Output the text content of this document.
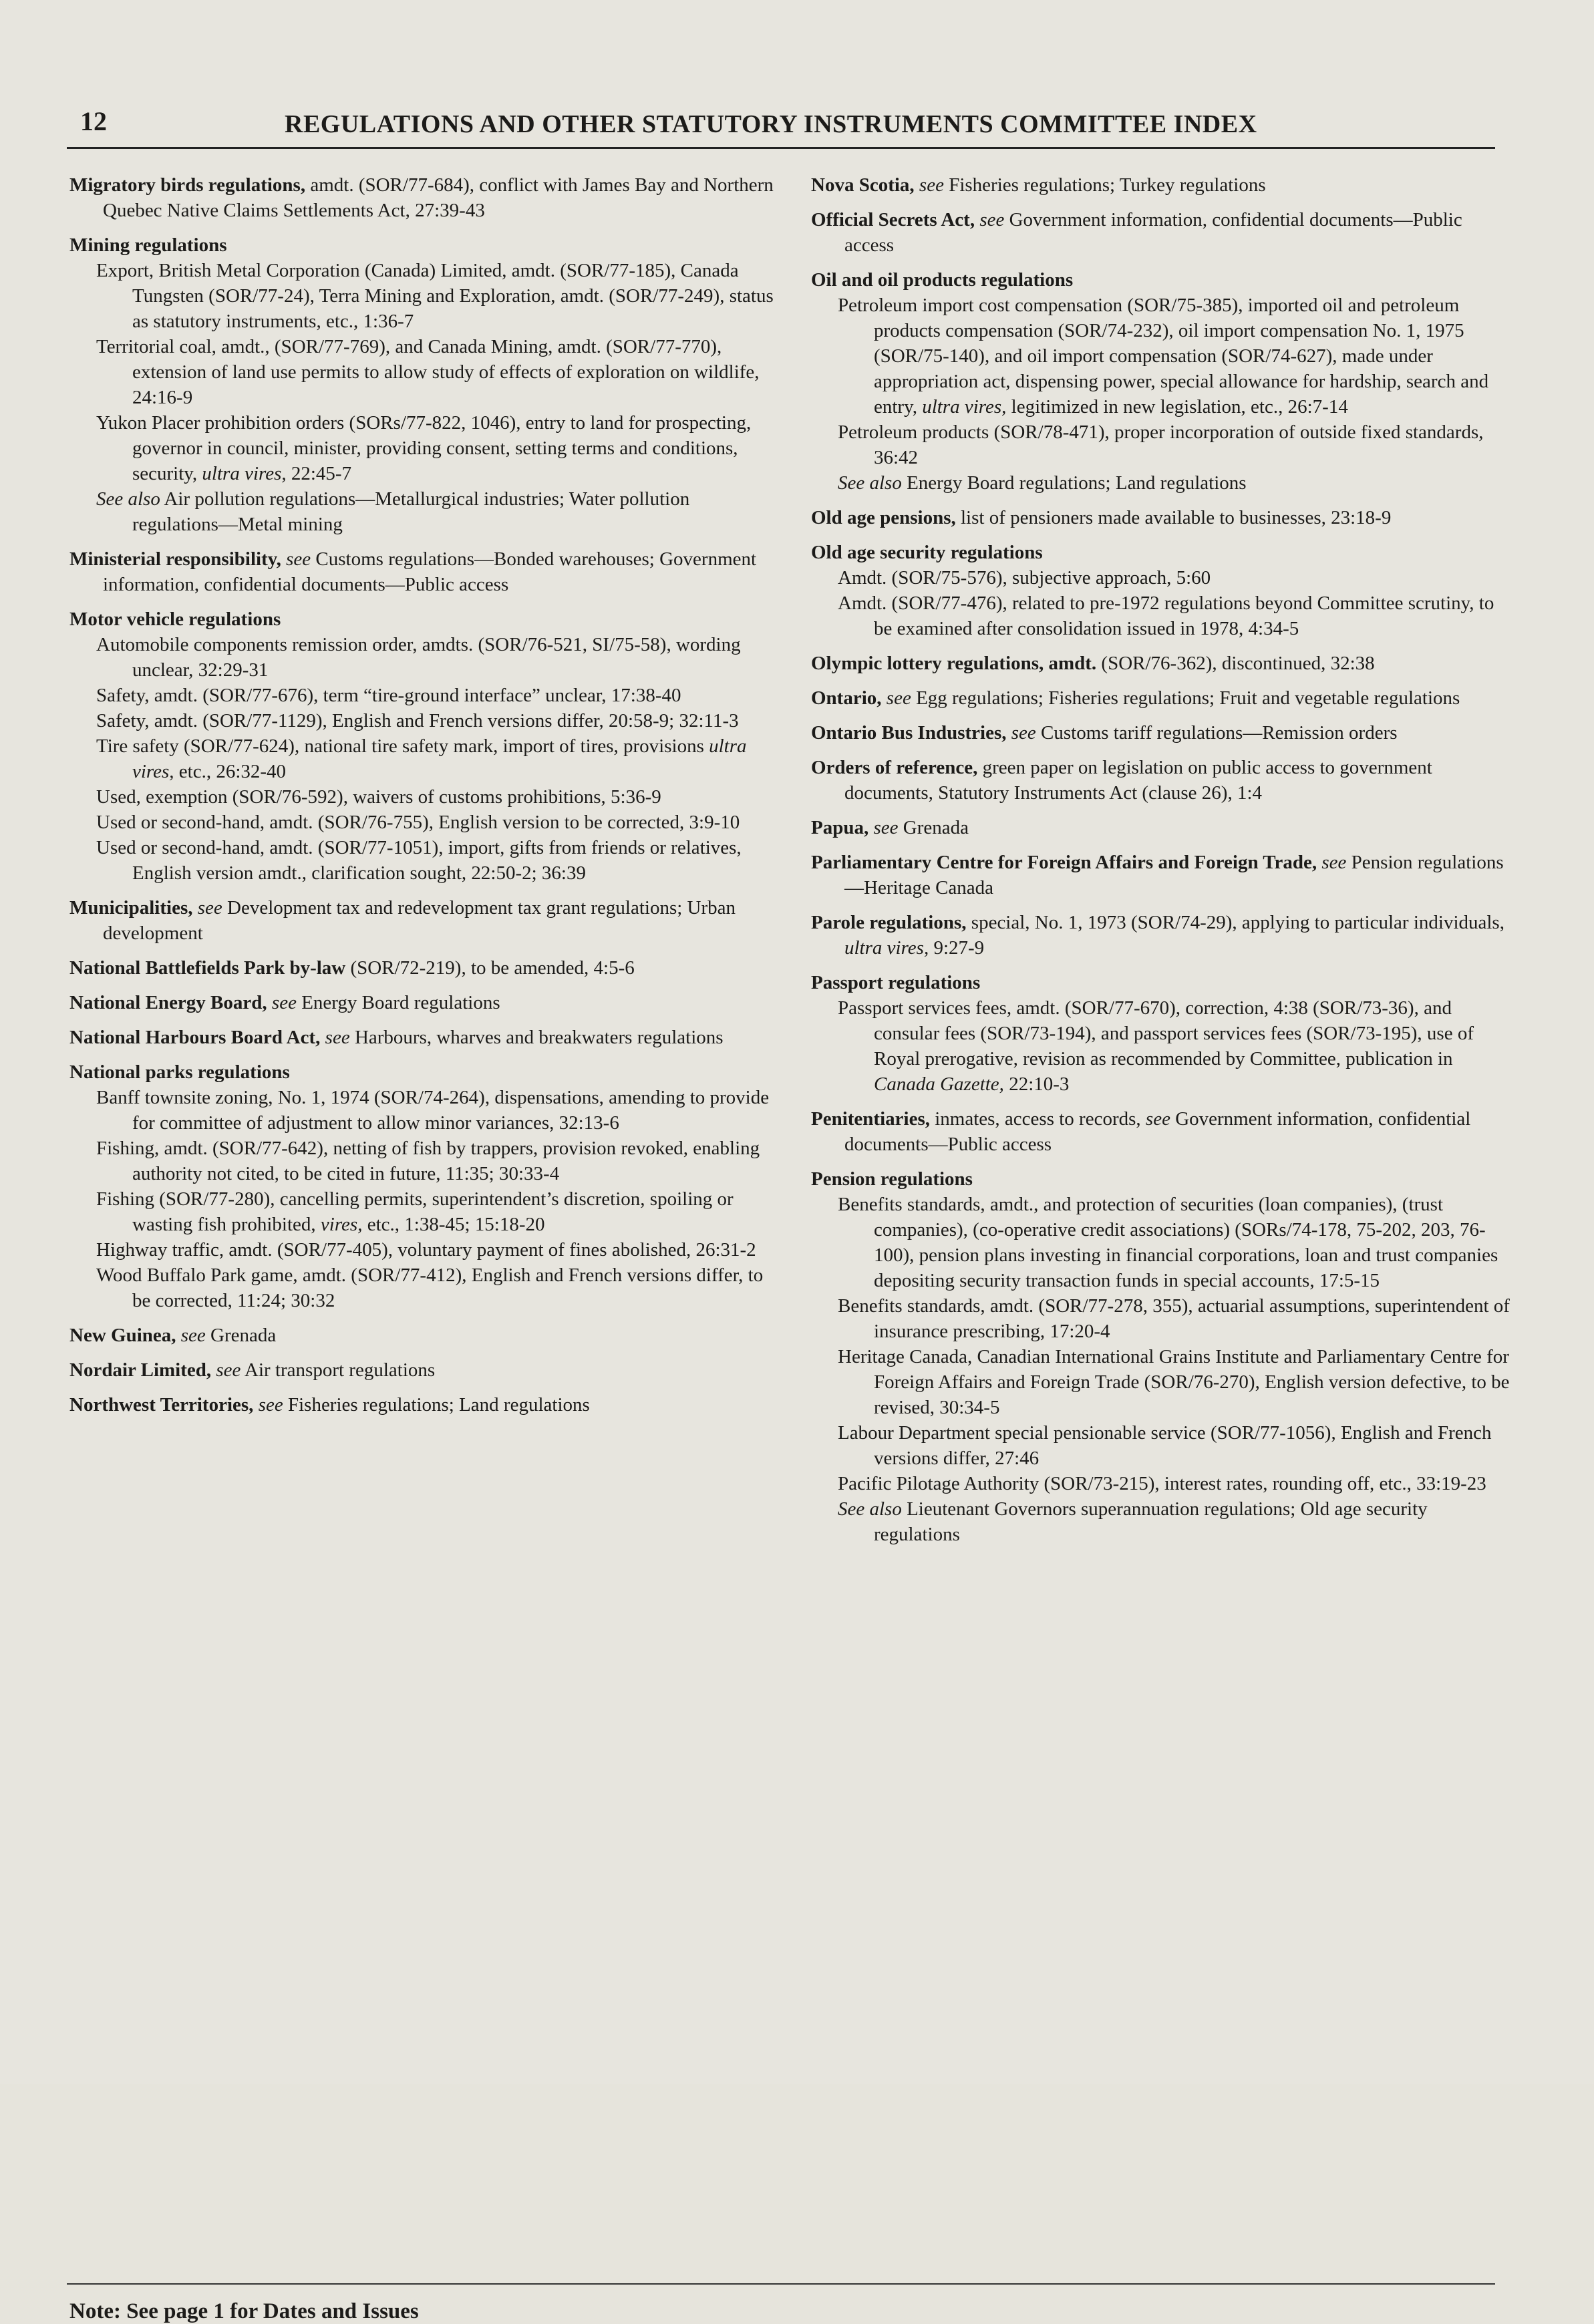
12	REGULATIONS AND OTHER STATUTORY INSTRUMENTS COMMITTEE INDEX
Migratory birds regulations, amdt. (SOR/77-684), conflict with James Bay and Northern Quebec Native Claims Settlements Act, 27:39-43
Mining regulations
Export, British Metal Corporation (Canada) Limited, amdt. (SOR/77-185), Canada Tungsten (SOR/77-24), Terra Mining and Exploration, amdt. (SOR/77-249), status as statutory instruments, etc., 1:36-7
Territorial coal, amdt., (SOR/77-769), and Canada Mining, amdt. (SOR/77-770), extension of land use permits to allow study of effects of exploration on wildlife, 24:16-9
Yukon Placer prohibition orders (SORs/77-822, 1046), entry to land for prospecting, governor in council, minister, providing consent, setting terms and conditions, security, ultra vires, 22:45-7
See also Air pollution regulations—Metallurgical industries; Water pollution regulations—Metal mining
Ministerial responsibility, see Customs regulations—Bonded warehouses; Government information, confidential documents—Public access
Motor vehicle regulations
Automobile components remission order, amdts. (SOR/76-521, SI/75-58), wording unclear, 32:29-31
Safety, amdt. (SOR/77-676), term “tire-ground interface” unclear, 17:38-40
Safety, amdt. (SOR/77-1129), English and French versions differ, 20:58-9; 32:11-3
Tire safety (SOR/77-624), national tire safety mark, import of tires, provisions ultra vires, etc., 26:32-40
Used, exemption (SOR/76-592), waivers of customs prohibitions, 5:36-9
Used or second-hand, amdt. (SOR/76-755), English version to be corrected, 3:9-10
Used or second-hand, amdt. (SOR/77-1051), import, gifts from friends or relatives, English version amdt., clarification sought, 22:50-2; 36:39
Municipalities, see Development tax and redevelopment tax grant regulations; Urban development
National Battlefields Park by-law (SOR/72-219), to be amended, 4:5-6
National Energy Board, see Energy Board regulations
National Harbours Board Act, see Harbours, wharves and breakwaters regulations
National parks regulations
Banff townsite zoning, No. 1, 1974 (SOR/74-264), dispensations, amending to provide for committee of adjustment to allow minor variances, 32:13-6
Fishing, amdt. (SOR/77-642), netting of fish by trappers, provision revoked, enabling authority not cited, to be cited in future, 11:35; 30:33-4
Fishing (SOR/77-280), cancelling permits, superintendent’s discretion, spoiling or wasting fish prohibited, vires, etc., 1:38-45; 15:18-20
Highway traffic, amdt. (SOR/77-405), voluntary payment of fines abolished, 26:31-2
Wood Buffalo Park game, amdt. (SOR/77-412), English and French versions differ, to be corrected, 11:24; 30:32
New Guinea, see Grenada
Nordair Limited, see Air transport regulations
Northwest Territories, see Fisheries regulations; Land regulations
Nova Scotia, see Fisheries regulations; Turkey regulations
Official Secrets Act, see Government information, confidential documents—Public access
Oil and oil products regulations
Petroleum import cost compensation (SOR/75-385), imported oil and petroleum products compensation (SOR/74-232), oil import compensation No. 1, 1975 (SOR/75-140), and oil import compensation (SOR/74-627), made under appropriation act, dispensing power, special allowance for hardship, search and entry, ultra vires, legitimized in new legislation, etc., 26:7-14
Petroleum products (SOR/78-471), proper incorporation of outside fixed standards, 36:42
See also Energy Board regulations; Land regulations
Old age pensions, list of pensioners made available to businesses, 23:18-9
Old age security regulations
Amdt. (SOR/75-576), subjective approach, 5:60
Amdt. (SOR/77-476), related to pre-1972 regulations beyond Committee scrutiny, to be examined after consolidation issued in 1978, 4:34-5
Olympic lottery regulations, amdt. (SOR/76-362), discontinued, 32:38
Ontario, see Egg regulations; Fisheries regulations; Fruit and vegetable regulations
Ontario Bus Industries, see Customs tariff regulations—Remission orders
Orders of reference, green paper on legislation on public access to government documents, Statutory Instruments Act (clause 26), 1:4
Papua, see Grenada
Parliamentary Centre for Foreign Affairs and Foreign Trade, see Pension regulations—Heritage Canada
Parole regulations, special, No. 1, 1973 (SOR/74-29), applying to particular individuals, ultra vires, 9:27-9
Passport regulations
Passport services fees, amdt. (SOR/77-670), correction, 4:38 (SOR/73-36), and consular fees (SOR/73-194), and passport services fees (SOR/73-195), use of Royal prerogative, revision as recommended by Committee, publication in Canada Gazette, 22:10-3
Penitentiaries, inmates, access to records, see Government information, confidential documents—Public access
Pension regulations
Benefits standards, amdt., and protection of securities (loan companies), (trust companies), (co-operative credit associations) (SORs/74-178, 75-202, 203, 76-100), pension plans investing in financial corporations, loan and trust companies depositing security transaction funds in special accounts, 17:5-15
Benefits standards, amdt. (SOR/77-278, 355), actuarial assumptions, superintendent of insurance prescribing, 17:20-4
Heritage Canada, Canadian International Grains Institute and Parliamentary Centre for Foreign Affairs and Foreign Trade (SOR/76-270), English version defective, to be revised, 30:34-5
Labour Department special pensionable service (SOR/77-1056), English and French versions differ, 27:46
Pacific Pilotage Authority (SOR/73-215), interest rates, rounding off, etc., 33:19-23
See also Lieutenant Governors superannuation regulations; Old age security regulations
Note: See page 1 for Dates and Issues
